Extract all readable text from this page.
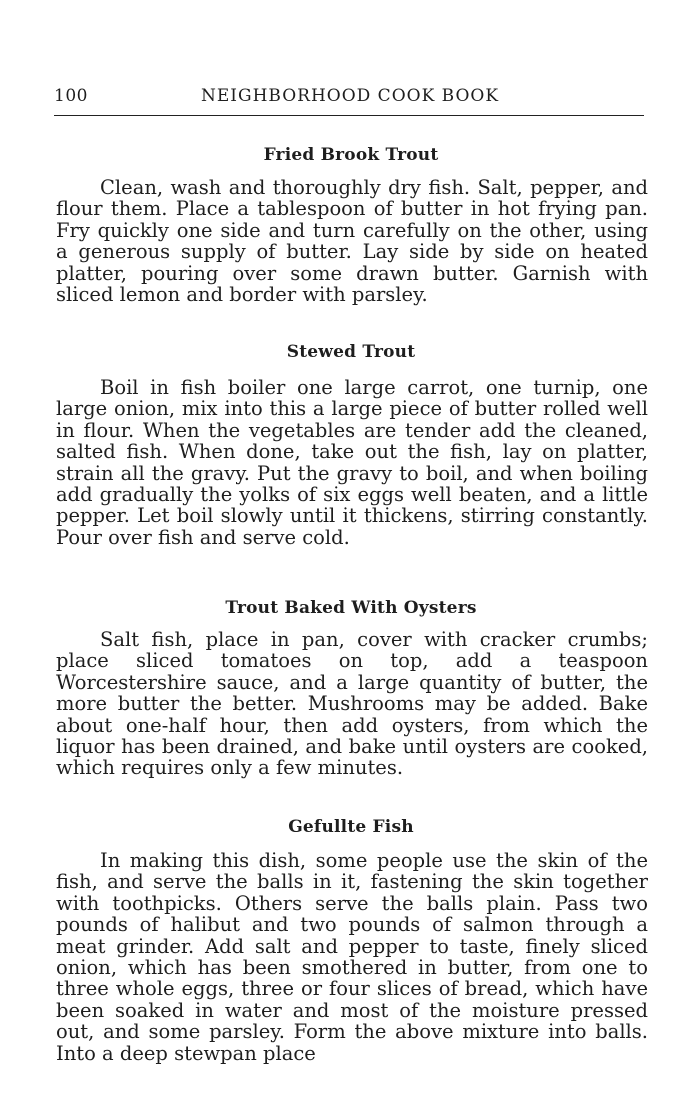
100	NEIGHBORHOOD COOK BOOK
Fried Brook Trout

Clean, wash and thoroughly dry fish. Salt, pepper, and flour them. Place a tablespoon of butter in hot frying pan. Fry quickly one side and turn carefully on the other, using a generous supply of butter. Lay side by side on heated platter, pouring over some drawn butter. Garnish with sliced lemon and border with parsley.

Stewed Trout

Boil in fish boiler one large carrot, one turnip, one large onion, mix into this a large piece of butter rolled well in flour. When the vegetables are tender add the cleaned, salted fish. When done, take out the fish, lay on platter, strain all the gravy. Put the gravy to boil, and when boiling add gradually the yolks of six eggs well beaten, and a little pepper. Let boil slowly until it thickens, stirring constantly. Pour over fish and serve cold.

Trout Baked With Oysters

Salt fish, place in pan, cover with cracker crumbs; place sliced tomatoes on top, add a teaspoon Worcestershire sauce, and a large quantity of butter, the more butter the better. Mushrooms may be added. Bake about one-half hour, then add oysters, from which the liquor has been drained, and bake until oysters are cooked, which requires only a few minutes.

Gefullte Fish

In making this dish, some people use the skin of the fish, and serve the balls in it, fastening the skin together with toothpicks. Others serve the balls plain. Pass two pounds of halibut and two pounds of salmon through a meat grinder. Add salt and pepper to taste, finely sliced onion, which has been smothered in butter, from one to three whole eggs, three or four slices of bread, which have been soaked in water and most of the moisture pressed out, and some parsley. Form the above mixture into balls. Into a deep stewpan place
